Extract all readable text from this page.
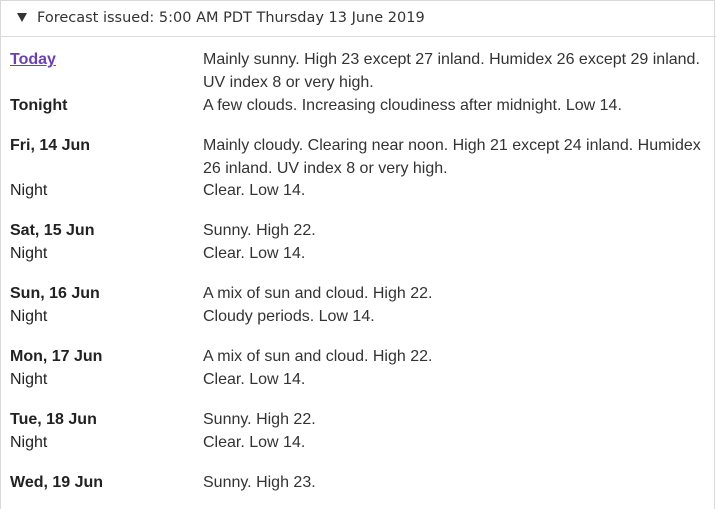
Forecast issued: 5:00 AM PDT Thursday 13 June 2019
Today	Mainly sunny. High 23 except 27 inland. Humidex 26 except 29 inland. UV index 8 or very high.
Tonight	A few clouds. Increasing cloudiness after midnight. Low 14.
Fri, 14 Jun	Mainly cloudy. Clearing near noon. High 21 except 24 inland. Humidex 26 inland. UV index 8 or very high.
Night	Clear. Low 14.
Sat, 15 Jun	Sunny. High 22.
Night	Clear. Low 14.
Sun, 16 Jun	A mix of sun and cloud. High 22.
Night	Cloudy periods. Low 14.
Mon, 17 Jun	A mix of sun and cloud. High 22.
Night	Clear. Low 14.
Tue, 18 Jun	Sunny. High 22.
Night	Clear. Low 14.
Wed, 19 Jun	Sunny. High 23.
